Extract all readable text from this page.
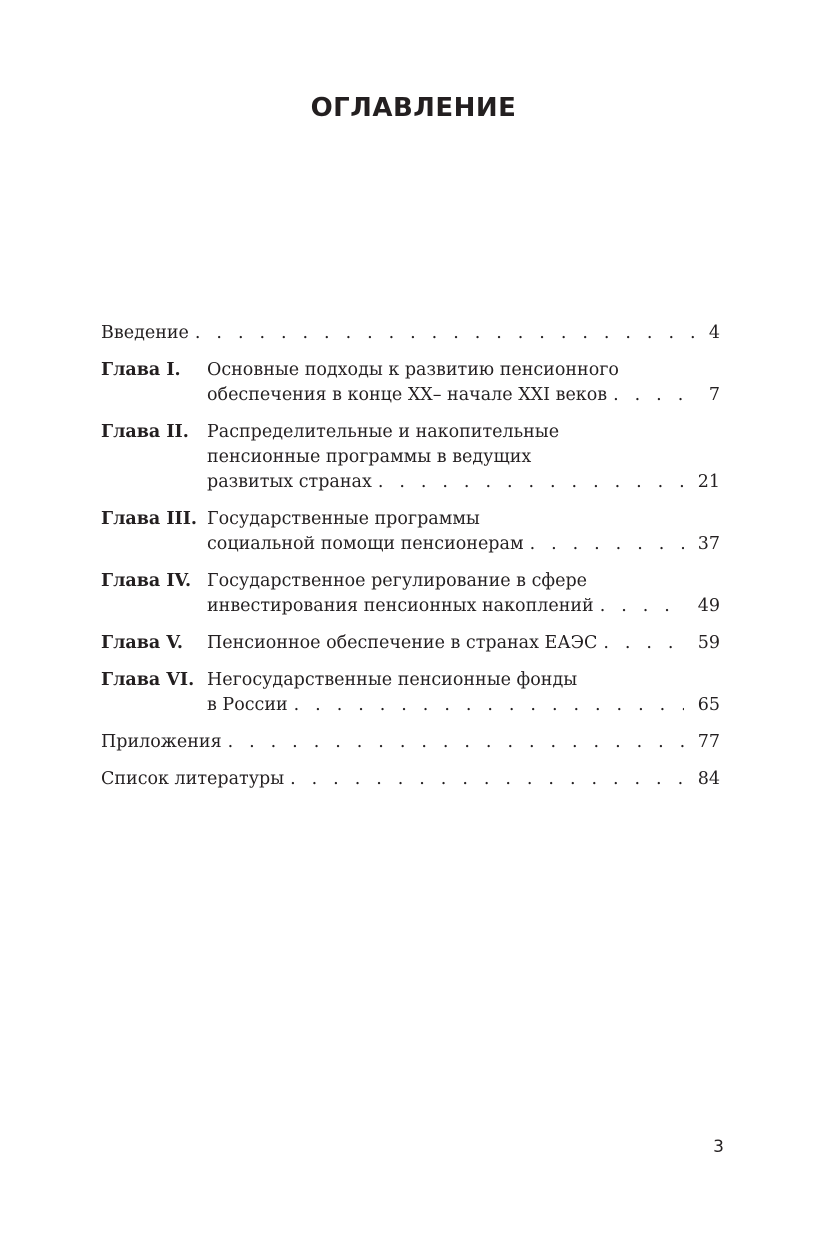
ОГЛАВЛЕНИЕ
Введение . . .	4
Глава I.	Основные подходы к развитию пенсионного
обеспечения в конце XX– начале XXI веков . . .	7
Глава II.	Распределительные и накопительные
пенсионные программы в ведущих
развитых странах . . .	21
Глава III. Государственные программы
социальной помощи пенсионерам . . .	37
Глава IV. Государственное регулирование в сфере
инвестирования пенсионных накоплений . . .	49
Глава V.	Пенсионное обеспечение в странах ЕАЭС . . .	59
Глава VI. Негосударственные пенсионные фонды
в России . . .	65
Приложения . . .	77
Список литературы . . .	84
3
